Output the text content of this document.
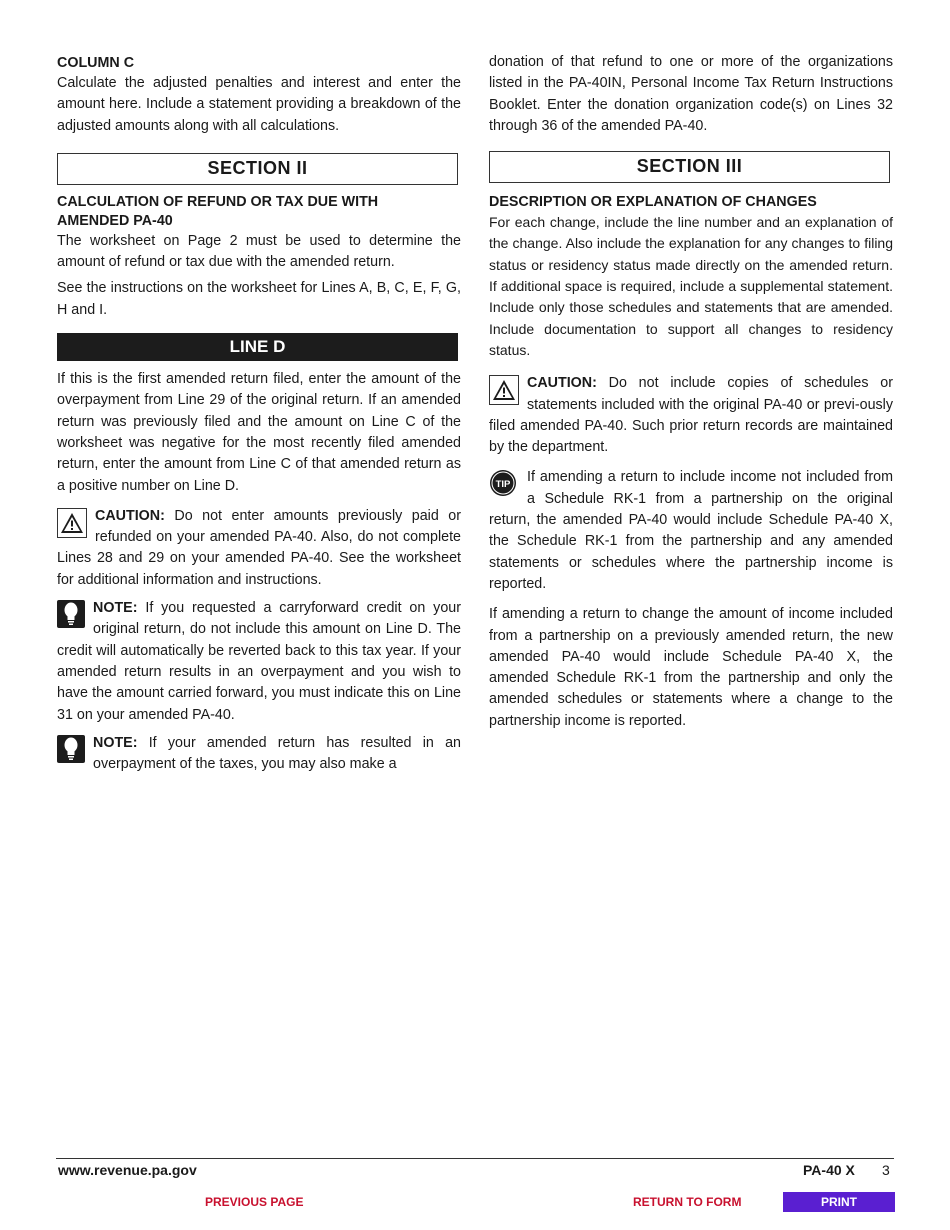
COLUMN C

Calculate the adjusted penalties and interest and enter the amount here. Include a statement providing a breakdown of the adjusted amounts along with all calculations.

SECTION II
CALCULATION OF REFUND OR TAX DUE WITH
AMENDED PA-40

The worksheet on Page 2 must be used to determine the amount of refund or tax due with the amended return.

See the instructions on the worksheet for Lines A, B, C, E, F, G, H and I.

LINE D

If this is the first amended return filed, enter the amount of the overpayment from Line 29 of the original return. If an amended return was previously filed and the amount on Line C of the worksheet was negative for the most recently filed amended return, enter the amount from Line C of that amended return as a positive number on Line D.

CAUTION: Do not enter amounts previously paid or refunded on your amended PA-40. Also, do not complete Lines 28 and 29 on your amended PA-40. See the worksheet for additional information and instructions.
NOTE: If you requested a carryforward credit on your original return, do not include this amount on Line D. The credit will automatically be reverted back to this tax year. If your amended return results in an overpayment and you wish to have the amount carried forward, you must indicate this on Line 31 on your amended PA-40.
NOTE: If your amended return has resulted in an overpayment of the taxes, you may also make a

donation of that refund to one or more of the organizations listed in the PA-40IN, Personal Income Tax Return Instructions Booklet. Enter the donation organization code(s) on Lines 32 through 36 of the amended PA-40.

SECTION III
DESCRIPTION OR EXPLANATION OF CHANGES

For each change, include the line number and an explanation of the change. Also include the explanation for any changes to filing status or residency status made directly on the amended return. If additional space is required, include a supplemental statement. Include only those schedules and statements that are amended. Include documentation to support all changes to residency status.

CAUTION: Do not include copies of schedules or statements included with the original PA-40 or previ-ously filed amended PA-40. Such prior return records are maintained by the department.
TIP If amending a return to include income not included from a Schedule RK-1 from a partnership on the original return, the amended PA-40 would include Schedule PA-40 X, the Schedule RK-1 from the partnership and any amended statements or schedules where the partnership income is reported.

If amending a return to change the amount of income included from a partnership on a previously amended return, the new amended PA-40 would include Schedule PA-40 X, the amended Schedule RK-1 from the partnership and only the amended schedules or statements where a change to the partnership income is reported.

www.revenue.pa.gov	PA-40 X 3
PREVIOUS PAGE	RETURN TO FORM	PRINT
